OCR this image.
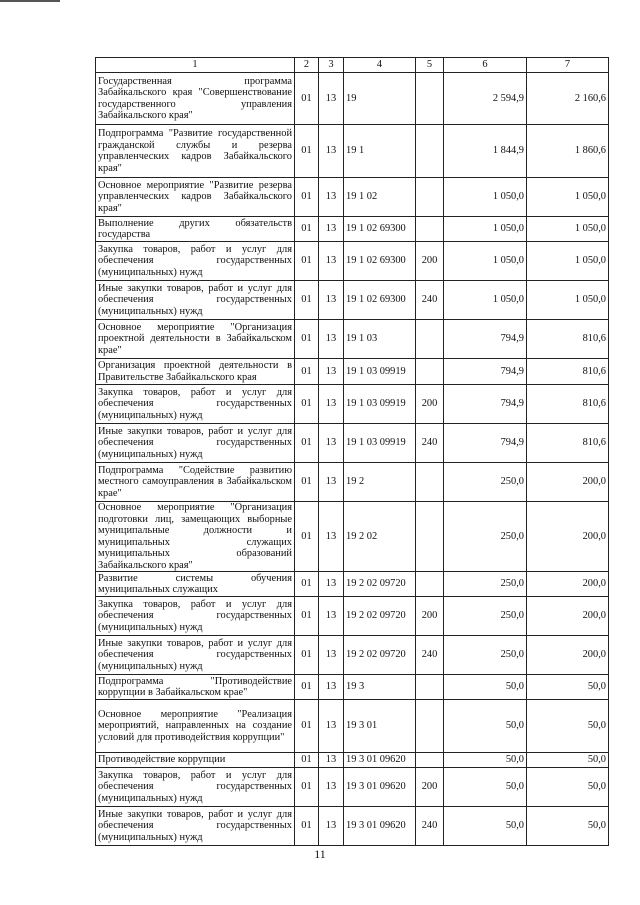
1	2	3	4	5	6	7
Государственная программа Забайкальского края "Совершенствование государственного управления Забайкальского края"	01	13	19		2 594,9	2 160,6
Подпрограмма "Развитие государственной гражданской службы и резерва управленческих кадров Забайкальского края"	01	13	19 1		1 844,9	1 860,6
Основное мероприятие "Развитие резерва управленческих кадров Забайкальского края"	01	13	19 1 02		1 050,0	1 050,0
Выполнение других обязательств государства	01	13	19 1 02 69300		1 050,0	1 050,0
Закупка товаров, работ и услуг для обеспечения государственных (муниципальных) нужд	01	13	19 1 02 69300	200	1 050,0	1 050,0
Иные закупки товаров, работ и услуг для обеспечения государственных (муниципальных) нужд	01	13	19 1 02 69300	240	1 050,0	1 050,0
Основное мероприятие "Организация проектной деятельности в Забайкальском крае"	01	13	19 1 03		794,9	810,6
Организация проектной деятельности в Правительстве Забайкальского края	01	13	19 1 03 09919		794,9	810,6
Закупка товаров, работ и услуг для обеспечения государственных (муниципальных) нужд	01	13	19 1 03 09919	200	794,9	810,6
Иные закупки товаров, работ и услуг для обеспечения государственных (муниципальных) нужд	01	13	19 1 03 09919	240	794,9	810,6
Подпрограмма "Содействие развитию местного самоуправления в Забайкальском крае"	01	13	19 2		250,0	200,0
Основное мероприятие "Организация подготовки лиц, замещающих выборные муниципальные должности и муниципальных служащих муниципальных образований Забайкальского края"	01	13	19 2 02		250,0	200,0
Развитие системы обучения муниципальных служащих	01	13	19 2 02 09720		250,0	200,0
Закупка товаров, работ и услуг для обеспечения государственных (муниципальных) нужд	01	13	19 2 02 09720	200	250,0	200,0
Иные закупки товаров, работ и услуг для обеспечения государственных (муниципальных) нужд	01	13	19 2 02 09720	240	250,0	200,0
Подпрограмма "Противодействие коррупции в Забайкальском крае"	01	13	19 3		50,0	50,0
Основное мероприятие "Реализация мероприятий, направленных на создание условий для противодействия коррупции"	01	13	19 3 01		50,0	50,0
Противодействие коррупции	01	13	19 3 01 09620		50,0	50,0
Закупка товаров, работ и услуг для обеспечения государственных (муниципальных) нужд	01	13	19 3 01 09620	200	50,0	50,0
Иные закупки товаров, работ и услуг для обеспечения государственных (муниципальных) нужд	01	13	19 3 01 09620	240	50,0	50,0
11
